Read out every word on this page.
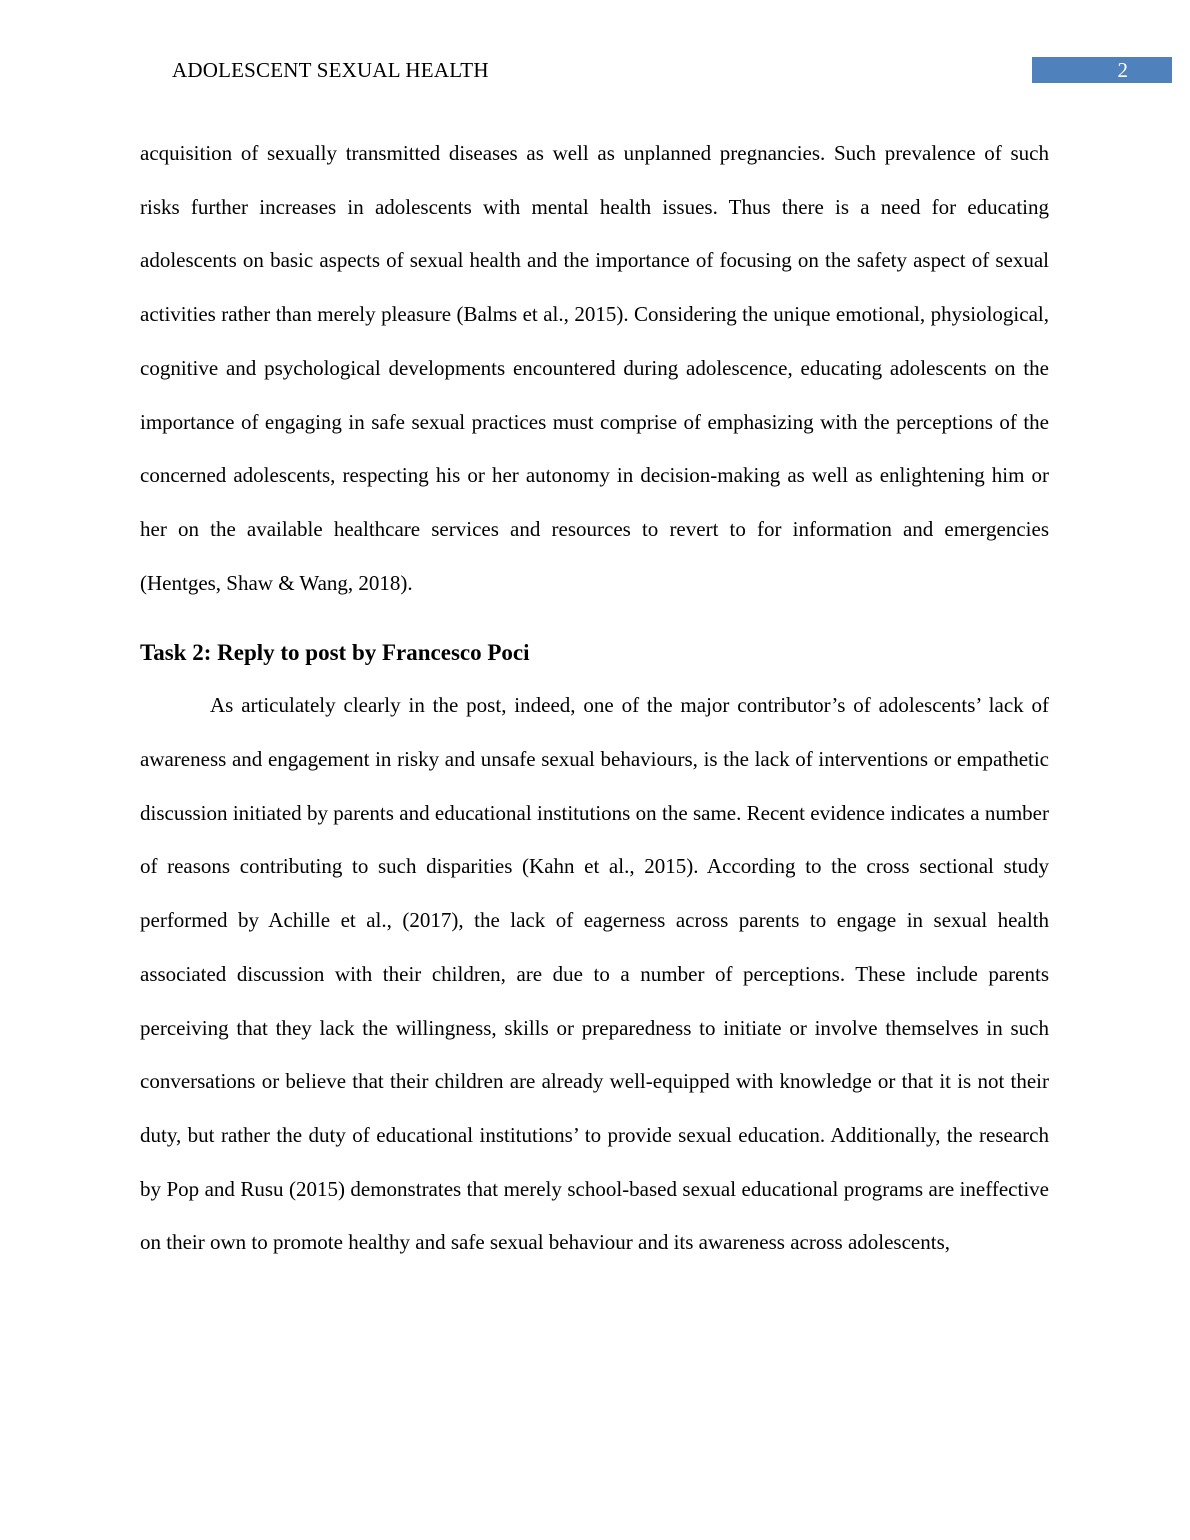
ADOLESCENT SEXUAL HEALTH	2

acquisition of sexually transmitted diseases as well as unplanned pregnancies. Such prevalence of such risks further increases in adolescents with mental health issues. Thus there is a need for educating adolescents on basic aspects of sexual health and the importance of focusing on the safety aspect of sexual activities rather than merely pleasure (Balms et al., 2015). Considering the unique emotional, physiological, cognitive and psychological developments encountered during adolescence, educating adolescents on the importance of engaging in safe sexual practices must comprise of emphasizing with the perceptions of the concerned adolescents, respecting his or her autonomy in decision-making as well as enlightening him or her on the available healthcare services and resources to revert to for information and emergencies (Hentges, Shaw & Wang, 2018).

Task 2: Reply to post by Francesco Poci

As articulately clearly in the post, indeed, one of the major contributor’s of adolescents’ lack of awareness and engagement in risky and unsafe sexual behaviours, is the lack of interventions or empathetic discussion initiated by parents and educational institutions on the same. Recent evidence indicates a number of reasons contributing to such disparities (Kahn et al., 2015). According to the cross sectional study performed by Achille et al., (2017), the lack of eagerness across parents to engage in sexual health associated discussion with their children, are due to a number of perceptions. These include parents perceiving that they lack the willingness, skills or preparedness to initiate or involve themselves in such conversations or believe that their children are already well-equipped with knowledge or that it is not their duty, but rather the duty of educational institutions’ to provide sexual education. Additionally, the research by Pop and Rusu (2015) demonstrates that merely school-based sexual educational programs are ineffective on their own to promote healthy and safe sexual behaviour and its awareness across adolescents,
